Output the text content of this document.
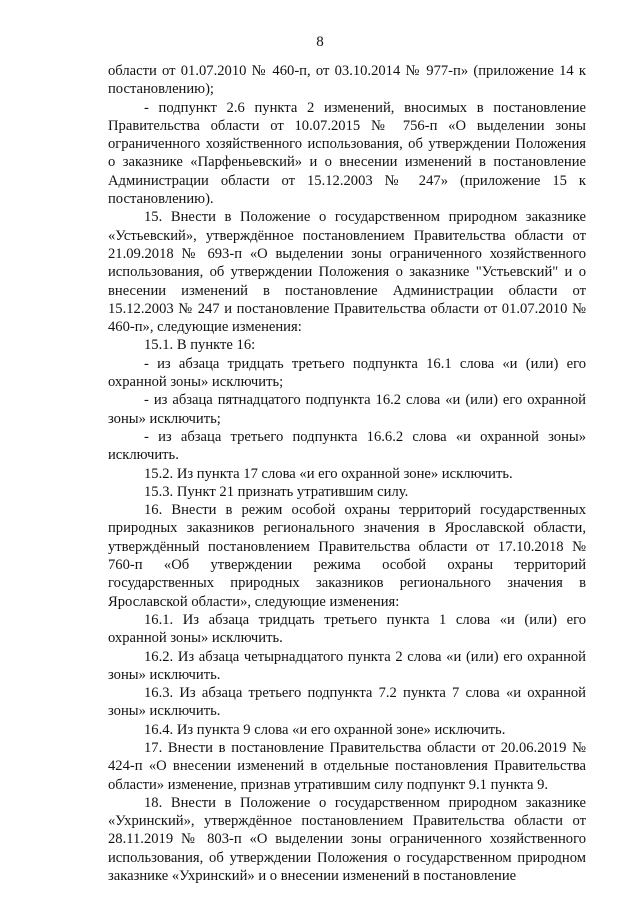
8

области от 01.07.2010 № 460-п, от 03.10.2014 № 977-п» (приложение 14 к постановлению);

- подпункт 2.6 пункта 2 изменений, вносимых в постановление Правительства области от 10.07.2015 № 756-п «О выделении зоны ограниченного хозяйственного использования, об утверждении Положения о заказнике «Парфеньевский» и о внесении изменений в постановление Администрации области от 15.12.2003 № 247» (приложение 15 к постановлению).

15. Внести в Положение о государственном природном заказнике «Устьевский», утверждённое постановлением Правительства области от 21.09.2018 № 693-п «О выделении зоны ограниченного хозяйственного использования, об утверждении Положения о заказнике "Устьевский" и о внесении изменений в постановление Администрации области от 15.12.2003 № 247 и постановление Правительства области от 01.07.2010 № 460-п», следующие изменения:

15.1. В пункте 16:

- из абзаца тридцать третьего подпункта 16.1 слова «и (или) его охранной зоны» исключить;

- из абзаца пятнадцатого подпункта 16.2 слова «и (или) его охранной зоны» исключить;

- из абзаца третьего подпункта 16.6.2 слова «и охранной зоны» исключить.

15.2. Из пункта 17 слова «и его охранной зоне» исключить.

15.3. Пункт 21 признать утратившим силу.

16. Внести в режим особой охраны территорий государственных природных заказников регионального значения в Ярославской области, утверждённый постановлением Правительства области от 17.10.2018 № 760-п «Об утверждении режима особой охраны территорий государственных природных заказников регионального значения в Ярославской области», следующие изменения:

16.1. Из абзаца тридцать третьего пункта 1 слова «и (или) его охранной зоны» исключить.

16.2. Из абзаца четырнадцатого пункта 2 слова «и (или) его охранной зоны» исключить.

16.3. Из абзаца третьего подпункта 7.2 пункта 7 слова «и охранной зоны» исключить.

16.4. Из пункта 9 слова «и его охранной зоне» исключить.

17. Внести в постановление Правительства области от 20.06.2019 № 424-п «О внесении изменений в отдельные постановления Правительства области» изменение, признав утратившим силу подпункт 9.1 пункта 9.

18. Внести в Положение о государственном природном заказнике «Ухринский», утверждённое постановлением Правительства области от 28.11.2019 № 803-п «О выделении зоны ограниченного хозяйственного использования, об утверждении Положения о государственном природном заказнике «Ухринский» и о внесении изменений в постановление
